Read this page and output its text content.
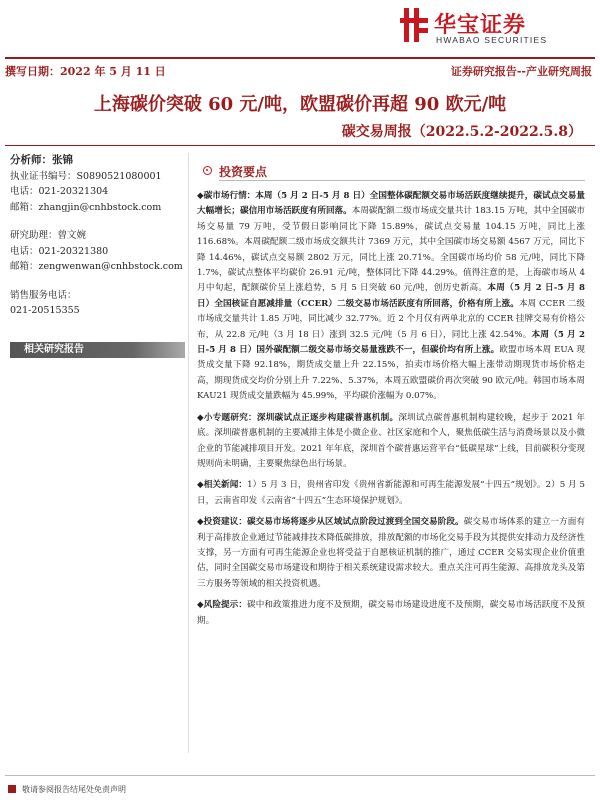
华宝证券
HWABAO SECURITIES
撰写日期：2022 年 5 月 11 日	证券研究报告--产业研究周报
上海碳价突破 60 元/吨，欧盟碳价再超 90 欧元/吨
碳交易周报（2022.5.2-2022.5.8）
分析师：张锦
执业证书编号：S0890521080001
电话：021-20321304
邮箱：zhangjin@cnhbstock.com
研究助理：曾文婉
电话：021-20321380
邮箱：zengwenwan@cnhbstock.com
销售服务电话：
021-20515355
相关研究报告
投资要点

◆碳市场行情：本周（5 月 2 日-5 月 8 日）全国整体碳配额交易市场活跃度继续提升，碳试点交易量大幅增长；碳信用市场活跃度有所回落。本周碳配额二级市场成交量共计 183.15 万吨，其中全国碳市场交易量 79 万吨，受节假日影响同比下降 15.89%，碳试点交易量 104.15 万吨，同比上涨 116.68%。本周碳配额二级市场成交额共计 7369 万元，其中全国碳市场交易额 4567 万元，同比下降 14.46%，碳试点交易额 2802 万元，同比上涨 20.71%。全国碳市场均价 58 元/吨，同比下降 1.7%，碳试点整体平均碳价 26.91 元/吨，整体同比下降 44.29%。值得注意的是，上海碳市场从 4 月中旬起，配额碳价呈上涨趋势，5 月 5 日突破 60 元/吨，创历史新高。本周（5 月 2 日-5 月 8 日）全国核证自愿减排量（CCER）二级交易市场活跃度有所回落，价格有所上涨。本周 CCER 二级市场成交量共计 1.85 万吨，同比减少 32.77%。近 2 个月仅有两单北京的 CCER 挂牌交易有价格公布，从 22.8 元/吨（3 月 18 日）涨到 32.5 元/吨（5 月 6 日），同比上涨 42.54%。本周（5 月 2 日-5 月 8 日）国外碳配额二级交易市场交易量涨跌不一，但碳价均有所上涨。欧盟市场本周 EUA 现货成交量下降 92.18%，期货成交量上升 22.15%，拍卖市场价格大幅上涨带动期现货市场价格走高，期现货成交均价分别上升 7.22%、5.37%，本周五欧盟碳价再次突破 90 欧元/吨。韩国市场本周 KAU21 现货成交量跌幅为 45.99%，平均碳价涨幅为 0.07%。

◆小专题研究：深圳碳试点正逐步构建碳普惠机制。深圳试点碳普惠机制构建较晚，起步于 2021 年底。深圳碳普惠机制的主要减排主体是小微企业、社区家庭和个人，聚焦低碳生活与消费场景以及小微企业的节能减排项目开发。2021 年年底，深圳首个碳普惠运营平台“低碳星球”上线，目前碳积分变现规则尚未明确，主要聚焦绿色出行场景。

◆相关新闻：1）5 月 3 日，贵州省印发《贵州省新能源和可再生能源发展“十四五”规划》。2）5 月 5 日，云南省印发《云南省“十四五”生态环境保护规划》。

◆投资建议：碳交易市场将逐步从区域试点阶段过渡到全国交易阶段。碳交易市场体系的建立一方面有利于高排放企业通过节能减排技术降低碳排放，排放配额的市场化交易手段为其提供安排动力及经济性支撑，另一方面有可再生能源企业也将受益于自愿核证机制的推广，通过 CCER 交易实现企业价值重估，同时全国碳交易市场建设和期待于相关系统建设需求较大。重点关注可再生能源、高排放龙头及第三方服务等领域的相关投资机遇。

◆风险提示：碳中和政策推进力度不及预期，碳交易市场建设进度不及预期，碳交易市场活跃度不及预期。

敬请参阅报告结尾处免责声明
